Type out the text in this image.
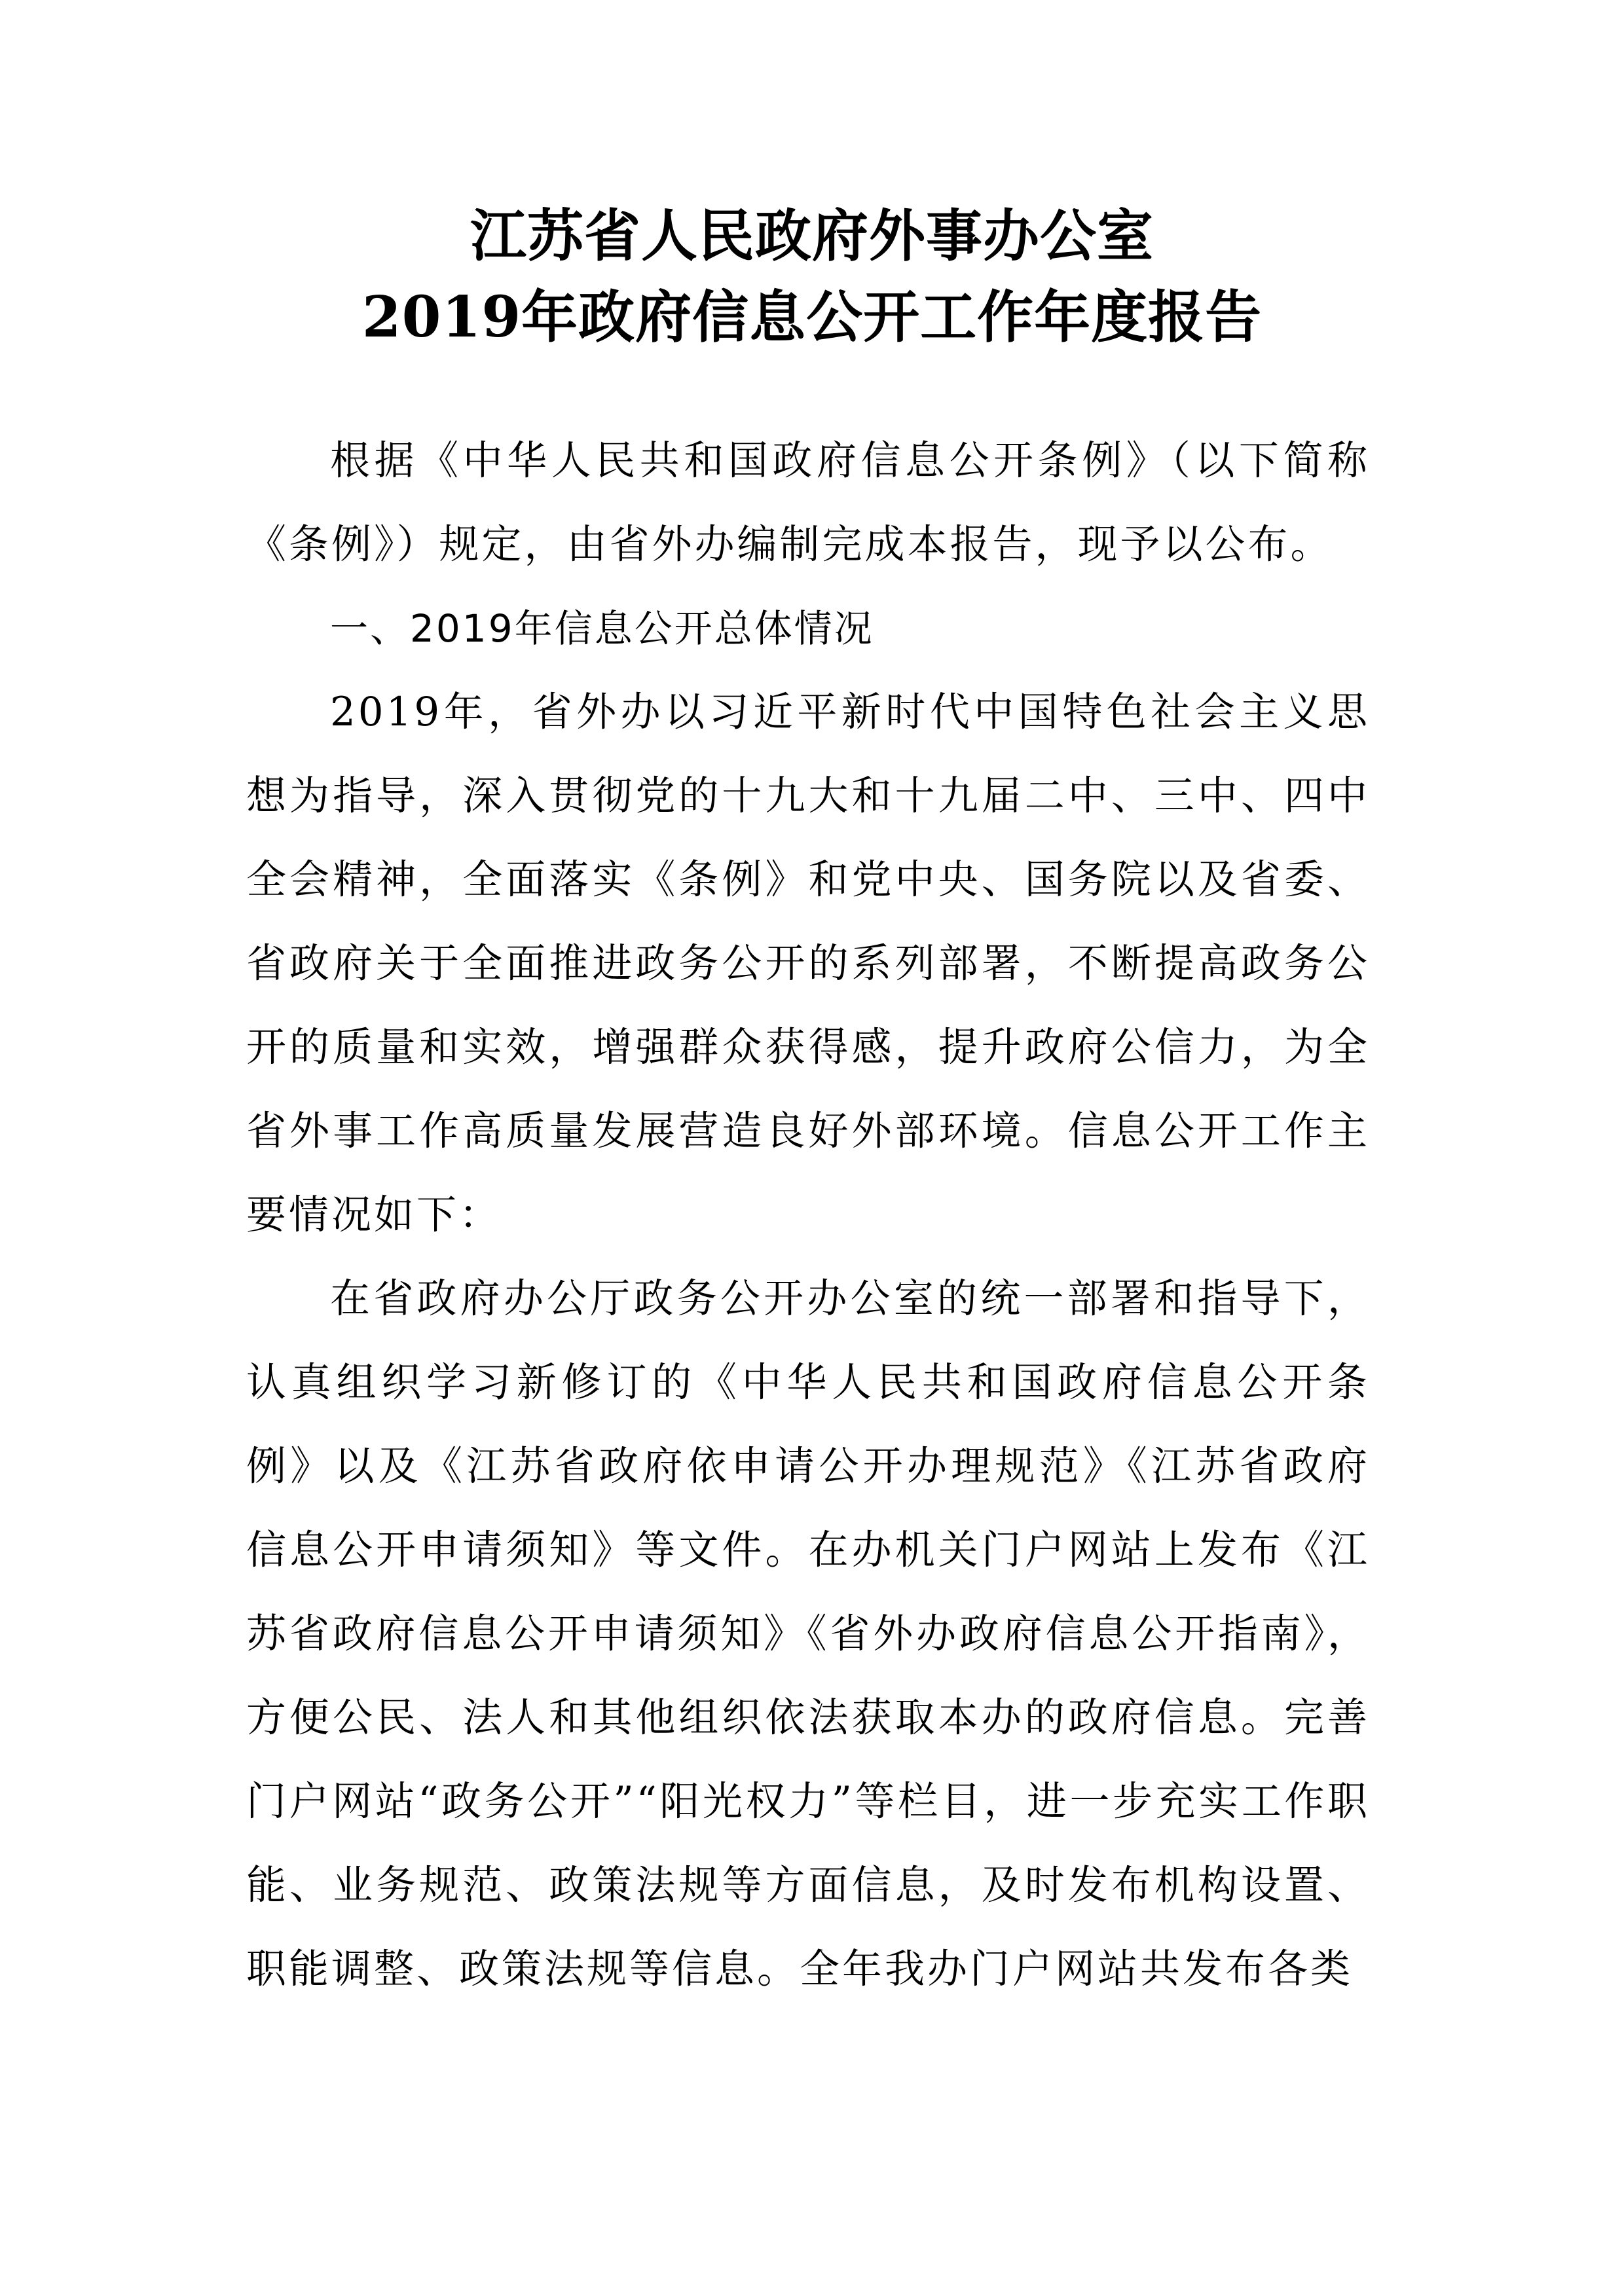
江苏省人民政府外事办公室
2019年政府信息公开工作年度报告

根据《中华人民共和国政府信息公开条例》（以下简称《条例》）规定，由省外办编制完成本报告，现予以公布。

一、2019年信息公开总体情况

2019年，省外办以习近平新时代中国特色社会主义思想为指导，深入贯彻党的十九大和十九届二中、三中、四中全会精神，全面落实《条例》和党中央、国务院以及省委、省政府关于全面推进政务公开的系列部署，不断提高政务公开的质量和实效，增强群众获得感，提升政府公信力，为全省外事工作高质量发展营造良好外部环境。信息公开工作主要情况如下：

在省政府办公厅政务公开办公室的统一部署和指导下，认真组织学习新修订的《中华人民共和国政府信息公开条例》以及《江苏省政府依申请公开办理规范》《江苏省政府信息公开申请须知》等文件。在办机关门户网站上发布《江苏省政府信息公开申请须知》《省外办政府信息公开指南》，方便公民、法人和其他组织依法获取本办的政府信息。完善门户网站“政务公开”“阳光权力”等栏目，进一步充实工作职能、业务规范、政策法规等方面信息，及时发布机构设置、职能调整、政策法规等信息。全年我办门户网站共发布各类
